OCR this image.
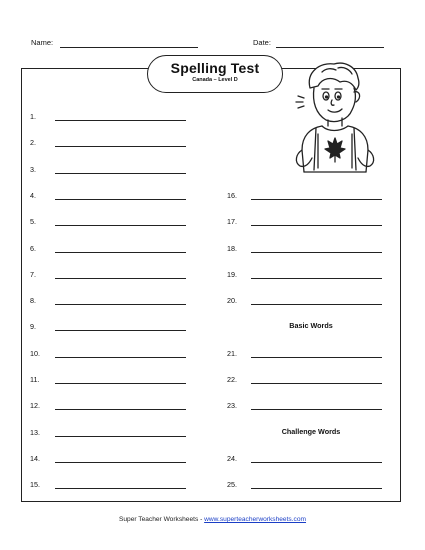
Name:	Date:
Spelling Test
Canada – Level D
1.
2.
3.
4.
5.
6.
7.
8.
9.
10.
11.
12.
13.
14.
15.
16.
17.
18.
19.
20.
21.
22.
23.
24.
25.
Basic Words
Challenge Words
Super Teacher Worksheets - www.superteacherworksheets.com
